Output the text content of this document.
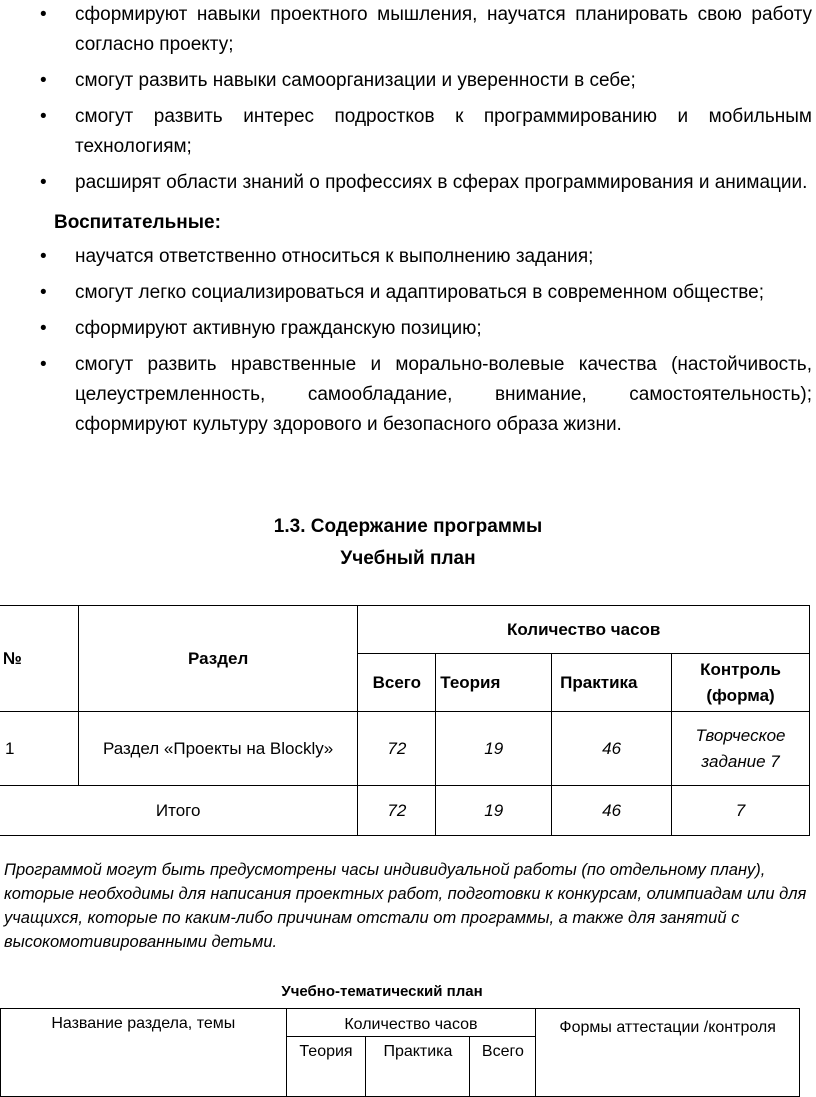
• сформируют навыки проектного мышления, научатся планировать свою работу согласно проекту;
• смогут развить навыки самоорганизации и уверенности в себе;
• смогут развить интерес подростков к программированию и мобильным технологиям;
• расширят области знаний о профессиях в сферах программирования и анимации.
Воспитательные:
• научатся ответственно относиться к выполнению задания;
• смогут легко социализироваться и адаптироваться в современном обществе;
• сформируют активную гражданскую позицию;
• смогут развить нравственные и морально-волевые качества (настойчивость, целеустремленность, самообладание, внимание, самостоятельность); сформируют культуру здорового и безопасного образа жизни.
1.3. Содержание программы
Учебный план
№	Раздел	Количество часов			
		Всего	Теория	Практика	Контроль (форма)
1	Раздел «Проекты на Blockly»	72	19	46	Творческое задание 7
Итого		72	19	46	7
Программой могут быть предусмотрены часы индивидуальной работы (по отдельному плану), которые необходимы для написания проектных работ, подготовки к конкурсам, олимпиадам или для учащихся, которые по каким-либо причинам отстали от программы, а также для занятий с высокомотивированными детьми.
Учебно-тематический план
Название раздела, темы	Количество часов			Формы аттестации /контроля
	Теория	Практика	Всего	
